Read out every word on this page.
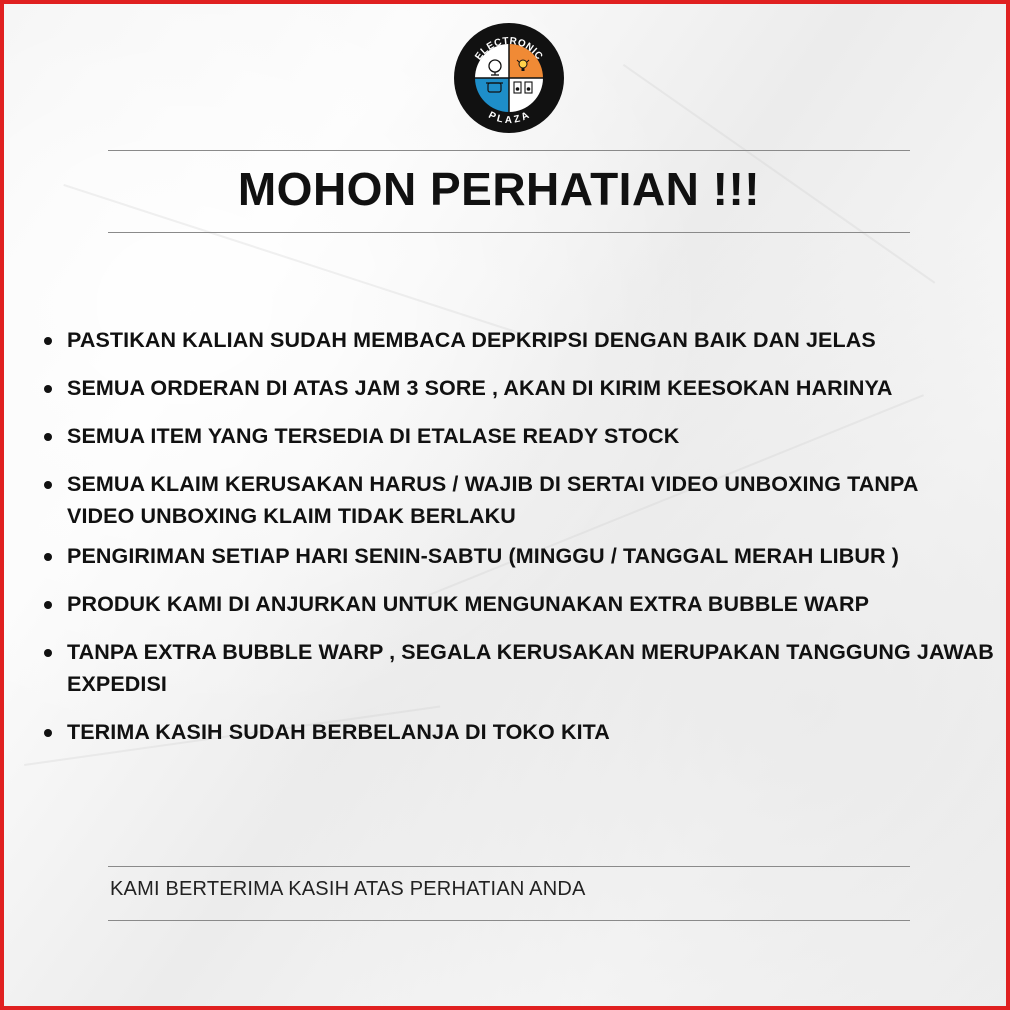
ELECTRONIC
PLAZA
MOHON PERHATIAN !!!
PASTIKAN KALIAN SUDAH MEMBACA DEPKRIPSI DENGAN BAIK DAN JELAS
SEMUA ORDERAN DI ATAS JAM 3 SORE , AKAN DI KIRIM KEESOKAN HARINYA
SEMUA ITEM YANG TERSEDIA DI ETALASE READY STOCK
SEMUA KLAIM KERUSAKAN HARUS / WAJIB DI SERTAI VIDEO UNBOXING TANPA VIDEO UNBOXING KLAIM TIDAK BERLAKU
PENGIRIMAN SETIAP HARI SENIN-SABTU (MINGGU / TANGGAL MERAH LIBUR )
PRODUK KAMI DI ANJURKAN UNTUK MENGUNAKAN EXTRA BUBBLE WARP
TANPA EXTRA BUBBLE WARP , SEGALA KERUSAKAN MERUPAKAN TANGGUNG JAWAB EXPEDISI
TERIMA KASIH SUDAH BERBELANJA DI TOKO KITA
KAMI BERTERIMA KASIH ATAS PERHATIAN ANDA
